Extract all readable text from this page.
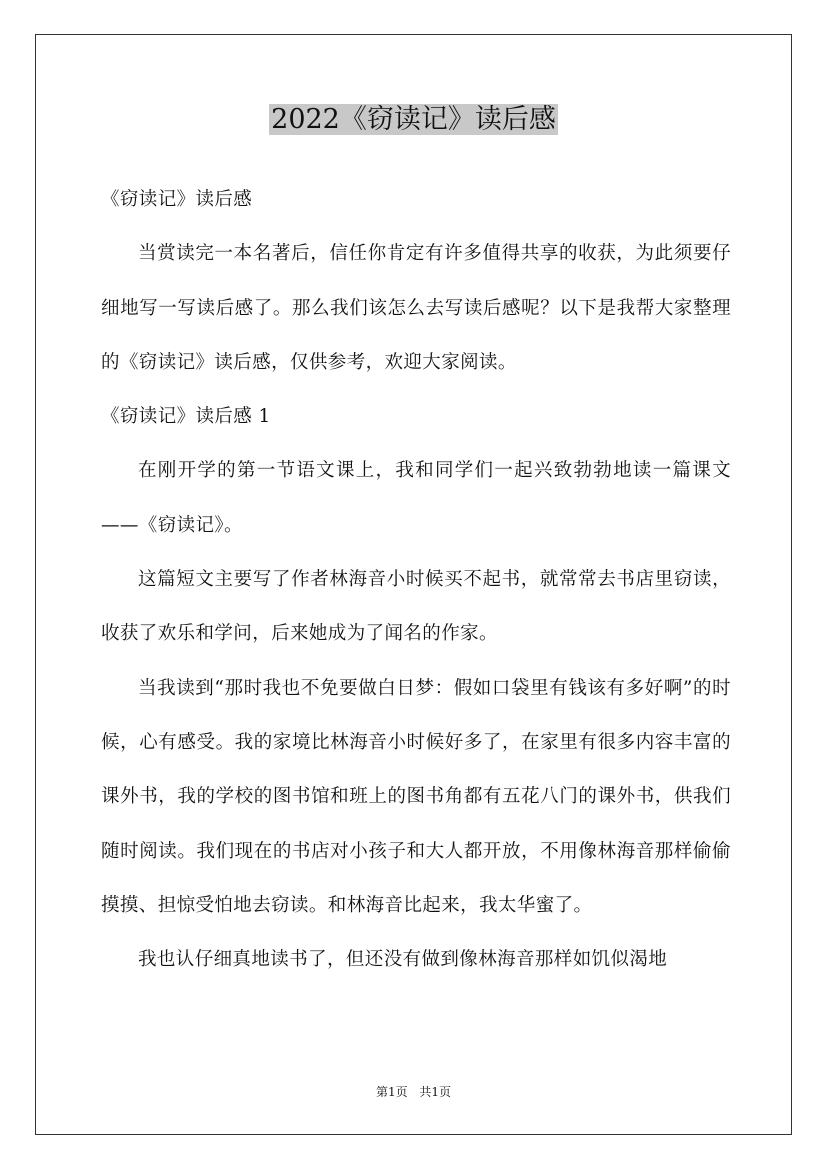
2022《窃读记》读后感

《窃读记》读后感

当赏读完一本名著后，信任你肯定有许多值得共享的收获，为此须要仔细地写一写读后感了。那么我们该怎么去写读后感呢？以下是我帮大家整理的《窃读记》读后感，仅供参考，欢迎大家阅读。

《窃读记》读后感 1

在刚开学的第一节语文课上，我和同学们一起兴致勃勃地读一篇课文——《窃读记》。

这篇短文主要写了作者林海音小时候买不起书，就常常去书店里窃读，收获了欢乐和学问，后来她成为了闻名的作家。

当我读到“那时我也不免要做白日梦：假如口袋里有钱该有多好啊”的时候，心有感受。我的家境比林海音小时候好多了，在家里有很多内容丰富的课外书，我的学校的图书馆和班上的图书角都有五花八门的课外书，供我们随时阅读。我们现在的书店对小孩子和大人都开放，不用像林海音那样偷偷摸摸、担惊受怕地去窃读。和林海音比起来，我太华蜜了。

我也认仔细真地读书了，但还没有做到像林海音那样如饥似渴地

第1页 共1页
